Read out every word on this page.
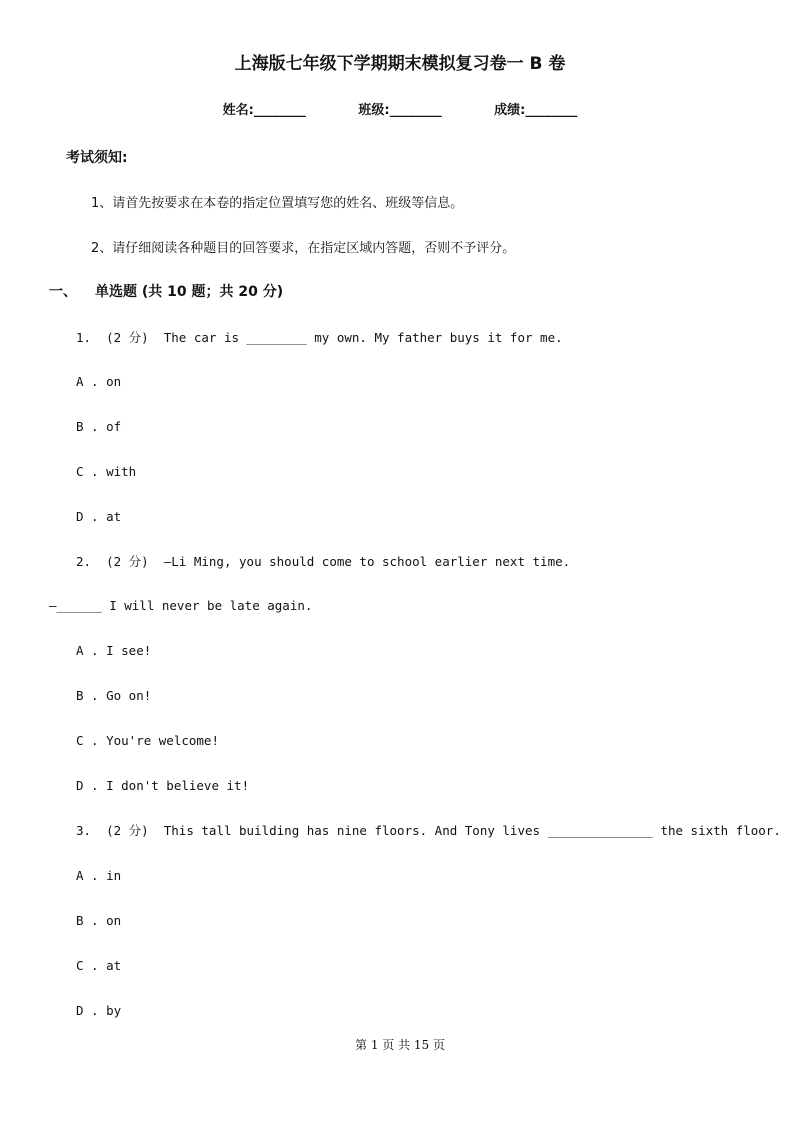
上海版七年级下学期期末模拟复习卷一 B 卷
姓名:________	班级:________	成绩:________
考试须知:
1、请首先按要求在本卷的指定位置填写您的姓名、班级等信息。
2、请仔细阅读各种题目的回答要求，在指定区域内答题，否则不予评分。
一、 单选题 (共 10 题；共 20 分)
1.  (2 分)  The car is ________ my own. My father buys it for me.
A . on
B . of
C . with
D . at
2.  (2 分)  —Li Ming, you should come to school earlier next time.
—______ I will never be late again.
A . I see!
B . Go on!
C . You're welcome!
D . I don't believe it!
3.  (2 分)  This tall building has nine floors. And Tony lives ______________ the sixth floor.
A . in
B . on
C . at
D . by
第 1 页 共 15 页
